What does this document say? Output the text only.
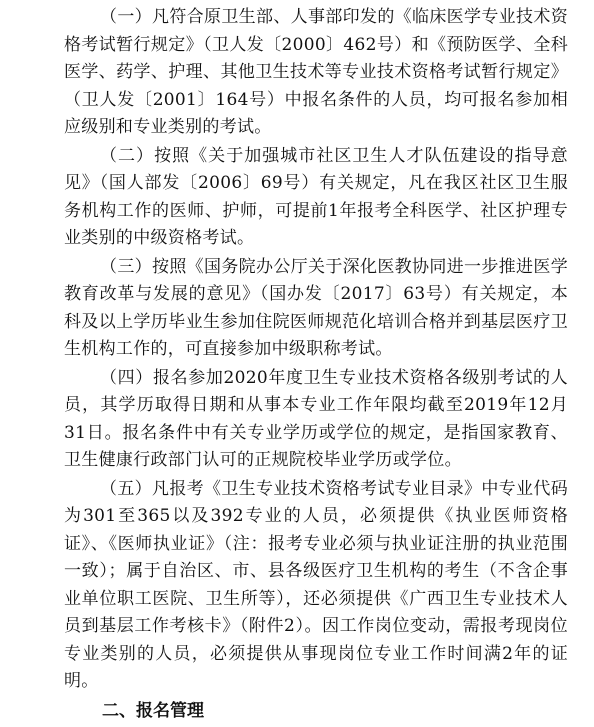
（一）凡符合原卫生部、人事部印发的《临床医学专业技术资格考试暂行规定》（卫人发〔2000〕462号）和《预防医学、全科医学、药学、护理、其他卫生技术等专业技术资格考试暂行规定》（卫人发〔2001〕164号）中报名条件的人员，均可报名参加相应级别和专业类别的考试。

（二）按照《关于加强城市社区卫生人才队伍建设的指导意见》（国人部发〔2006〕69号）有关规定，凡在我区社区卫生服务机构工作的医师、护师，可提前1年报考全科医学、社区护理专业类别的中级资格考试。

（三）按照《国务院办公厅关于深化医教协同进一步推进医学教育改革与发展的意见》（国办发〔2017〕63号）有关规定，本科及以上学历毕业生参加住院医师规范化培训合格并到基层医疗卫生机构工作的，可直接参加中级职称考试。

（四）报名参加2020年度卫生专业技术资格各级别考试的人员，其学历取得日期和从事本专业工作年限均截至2019年12月31日。报名条件中有关专业学历或学位的规定，是指国家教育、卫生健康行政部门认可的正规院校毕业学历或学位。

（五）凡报考《卫生专业技术资格考试专业目录》中专业代码为301至365以及392专业的人员，必须提供《执业医师资格证》、《医师执业证》（注：报考专业必须与执业证注册的执业范围一致）；属于自治区、市、县各级医疗卫生机构的考生（不含企事业单位职工医院、卫生所等），还必须提供《广西卫生专业技术人员到基层工作考核卡》（附件2）。因工作岗位变动，需报考现岗位专业类别的人员，必须提供从事现岗位专业工作时间满2年的证明。

二、报名管理
